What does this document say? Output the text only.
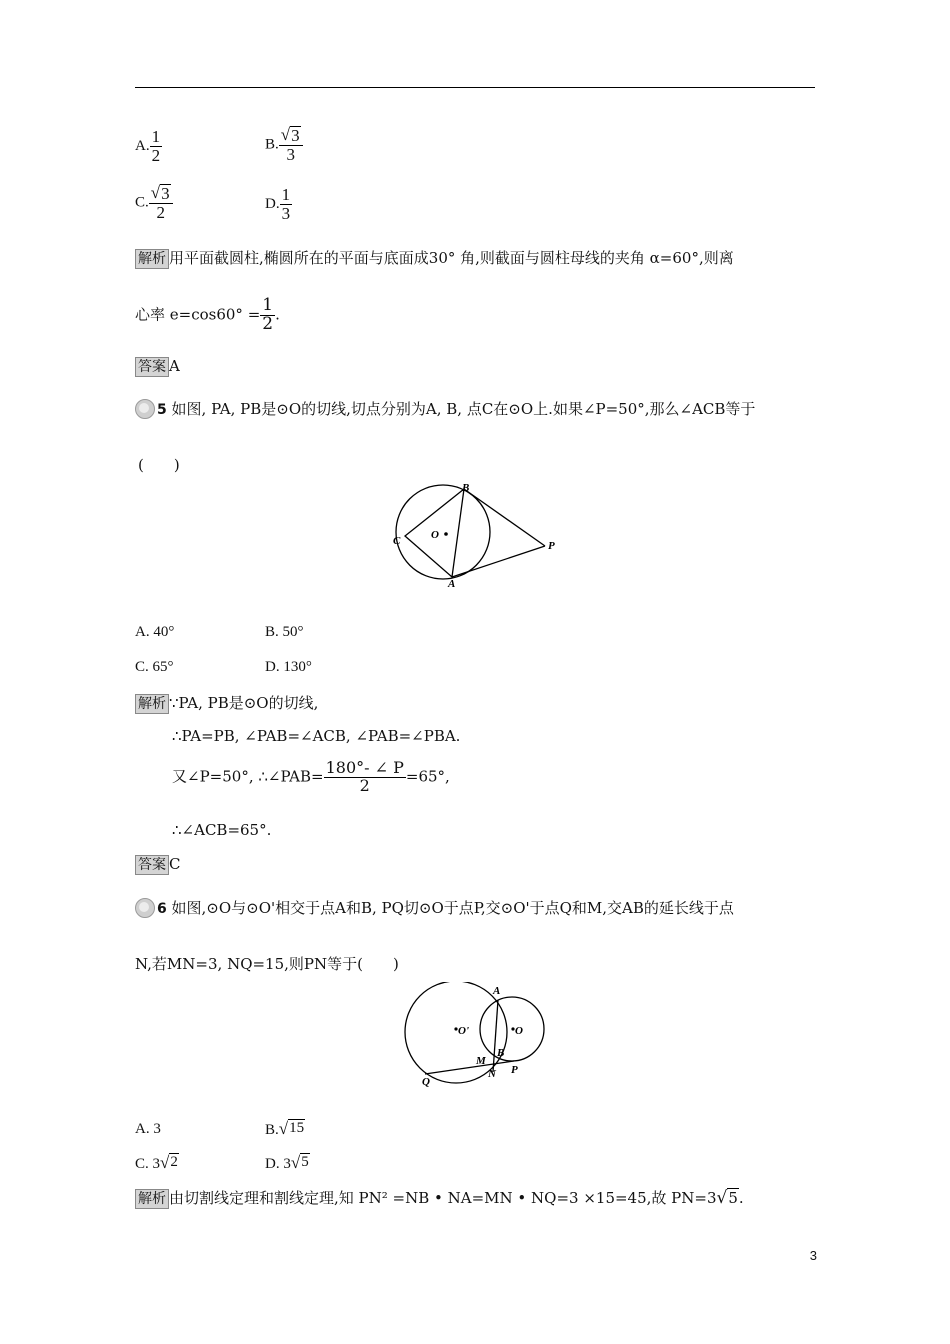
A. $\frac{1}{2}$	B. $\frac{√ 3}{3}$
C. $\frac{√ 3}{2}$	D. $\frac{1}{3}$
解析 用平面截圆柱,椭圆所在的平面与底面成30° 角,则截面与圆柱母线的夹角 α=60°,则离
心率 $e=\cos 60^\circ = \frac{1}{2}$ .
答案 A
5 如图, PA, PB是⊙O的切线,切点分别为A, B, 点C在⊙O上.如果∠P=50°,那么∠ACB等于
(　　)
B
C	O
P
A
A. 40°	B. 50°
C. 65°	D. 130°
解析 ∵PA, PB是⊙O的切线,
∴PA=PB, ∠PAB=∠ACB, ∠PAB=∠PBA.
又∠P=50°, ∴∠PAB= $\frac{180^\circ- \angle P}{2} =65^\circ$,
∴∠ACB=65°.
答案 C
6 如图,⊙O与⊙O'相交于点A和B, PQ切⊙O于点P,交⊙O'于点Q和M,交AB的延长线于点
N,若MN=3, NQ=15,则PN等于(　　)
A
O'	O
M
B
N P
Q
A. 3	B. √ 15
C. 3 √ 2	D. 3 √ 5
解析 由切割线定理和割线定理,知 PN² =NB • NA=MN • NQ=3 ×15=45,故 PN=3 √ 5 .
3
